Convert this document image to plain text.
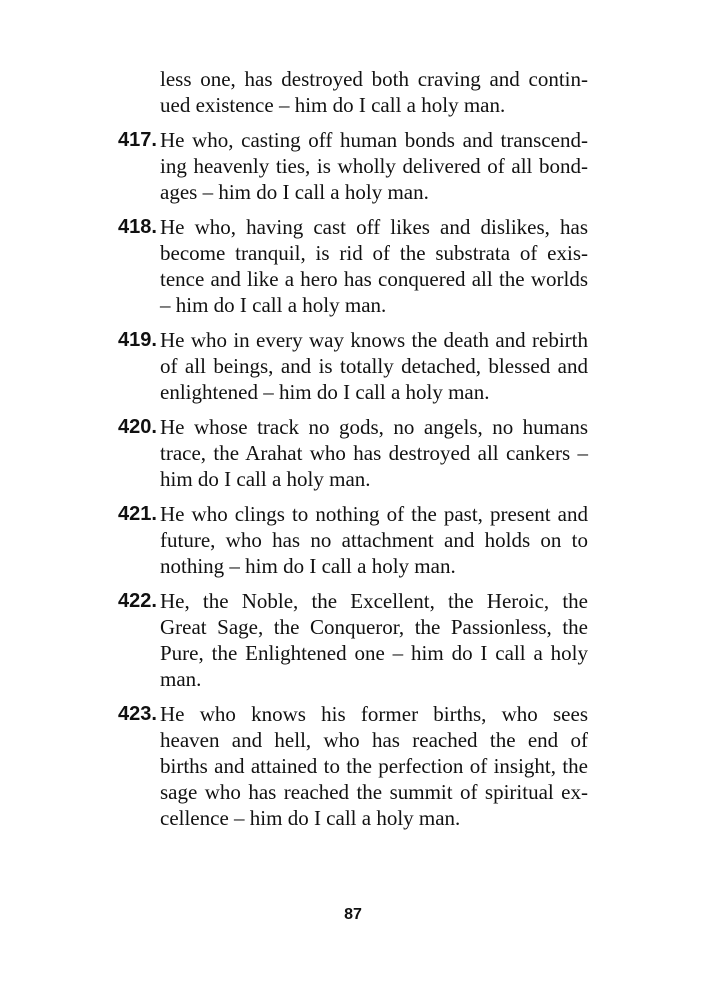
less one, has destroyed both craving and contin-
ued existence – him do I call a holy man.
417. He who, casting off human bonds and transcend-
ing heavenly ties, is wholly delivered of all bond-
ages – him do I call a holy man.
418. He who, having cast off likes and dislikes, has
become tranquil, is rid of the substrata of exis-
tence and like a hero has conquered all the worlds
– him do I call a holy man.
419. He who in every way knows the death and rebirth
of all beings, and is totally detached, blessed and
enlightened – him do I call a holy man.
420. He whose track no gods, no angels, no humans
trace, the Arahat who has destroyed all cankers –
him do I call a holy man.
421. He who clings to nothing of the past, present and
future, who has no attachment and holds on to
nothing – him do I call a holy man.
422. He, the Noble, the Excellent, the Heroic, the
Great Sage, the Conqueror, the Passionless, the
Pure, the Enlightened one – him do I call a holy
man.
423. He who knows his former births, who sees
heaven and hell, who has reached the end of
births and attained to the perfection of insight, the
sage who has reached the summit of spiritual ex-
cellence – him do I call a holy man.
87
